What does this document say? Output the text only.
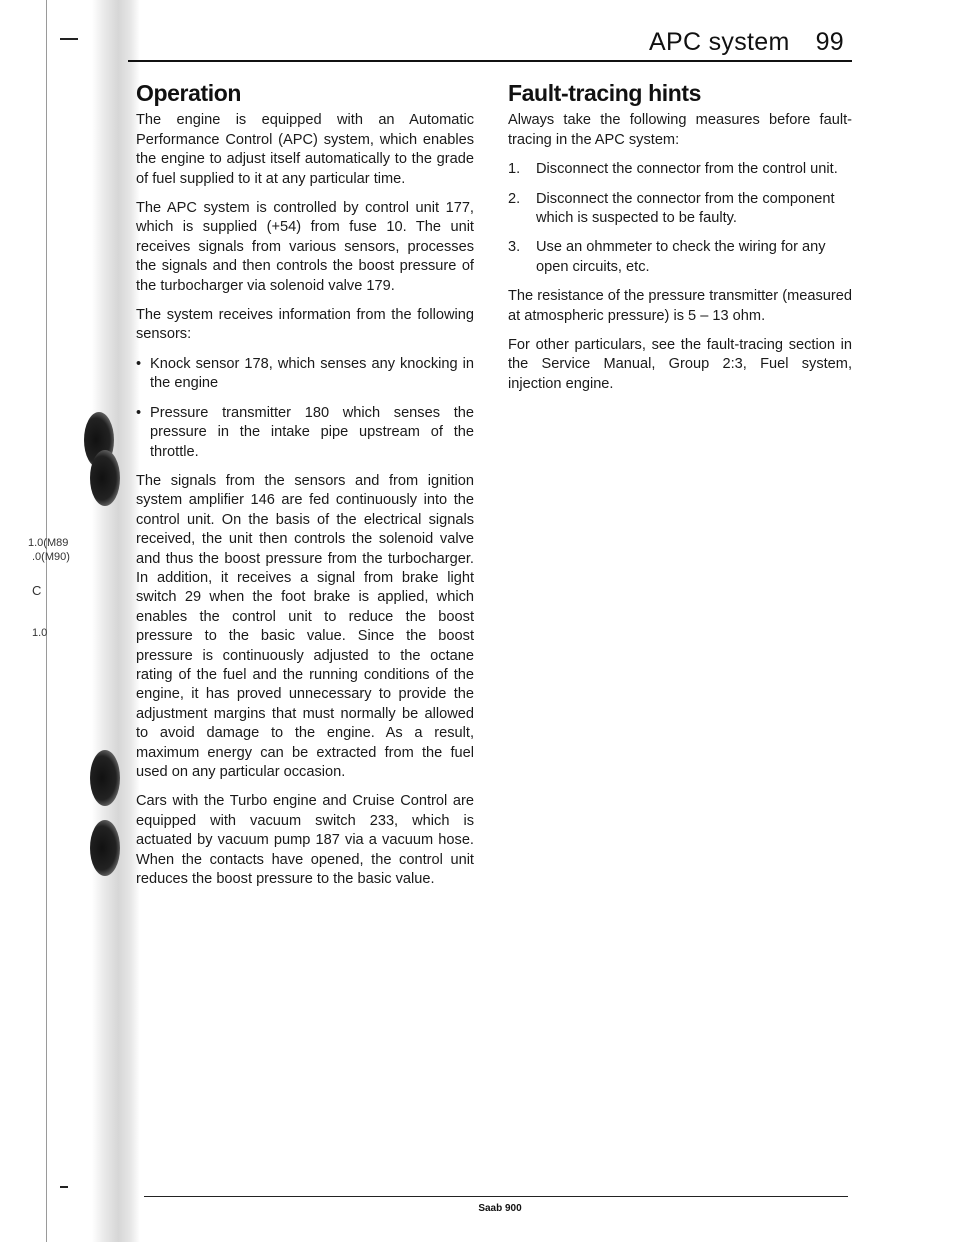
1.0(M89
.0(M90)
C
1.0
APC system 99
Operation

The engine is equipped with an Automatic Performance Control (APC) system, which enables the engine to adjust itself automatically to the grade of fuel supplied to it at any particular time.

The APC system is controlled by control unit 177, which is supplied (+54) from fuse 10. The unit receives signals from various sensors, processes the signals and then controls the boost pressure of the turbocharger via solenoid valve 179.

The system receives information from the following sensors:

• Knock sensor 178, which senses any knocking in the engine
• Pressure transmitter 180 which senses the pressure in the intake pipe upstream of the throttle.

The signals from the sensors and from ignition system amplifier 146 are fed continuously into the control unit. On the basis of the electrical signals received, the unit then controls the solenoid valve and thus the boost pressure from the turbocharger. In addition, it receives a signal from brake light switch 29 when the foot brake is applied, which enables the control unit to reduce the boost pressure to the basic value. Since the boost pressure is continuously adjusted to the octane rating of the fuel and the running conditions of the engine, it has proved unnecessary to provide the adjustment margins that must normally be allowed to avoid damage to the engine. As a result, maximum energy can be extracted from the fuel used on any particular occasion.

Cars with the Turbo engine and Cruise Control are equipped with vacuum switch 233, which is actuated by vacuum pump 187 via a vacuum hose. When the contacts have opened, the control unit reduces the boost pressure to the basic value.

Fault-tracing hints

Always take the following measures before fault-tracing in the APC system:

1.	Disconnect the connector from the control unit.
2.	Disconnect the connector from the component which is suspected to be faulty.
3.	Use an ohmmeter to check the wiring for any open circuits, etc.

The resistance of the pressure transmitter (measured at atmospheric pressure) is 5 – 13 ohm.

For other particulars, see the fault-tracing section in the Service Manual, Group 2:3, Fuel system, injection engine.

Saab 900
